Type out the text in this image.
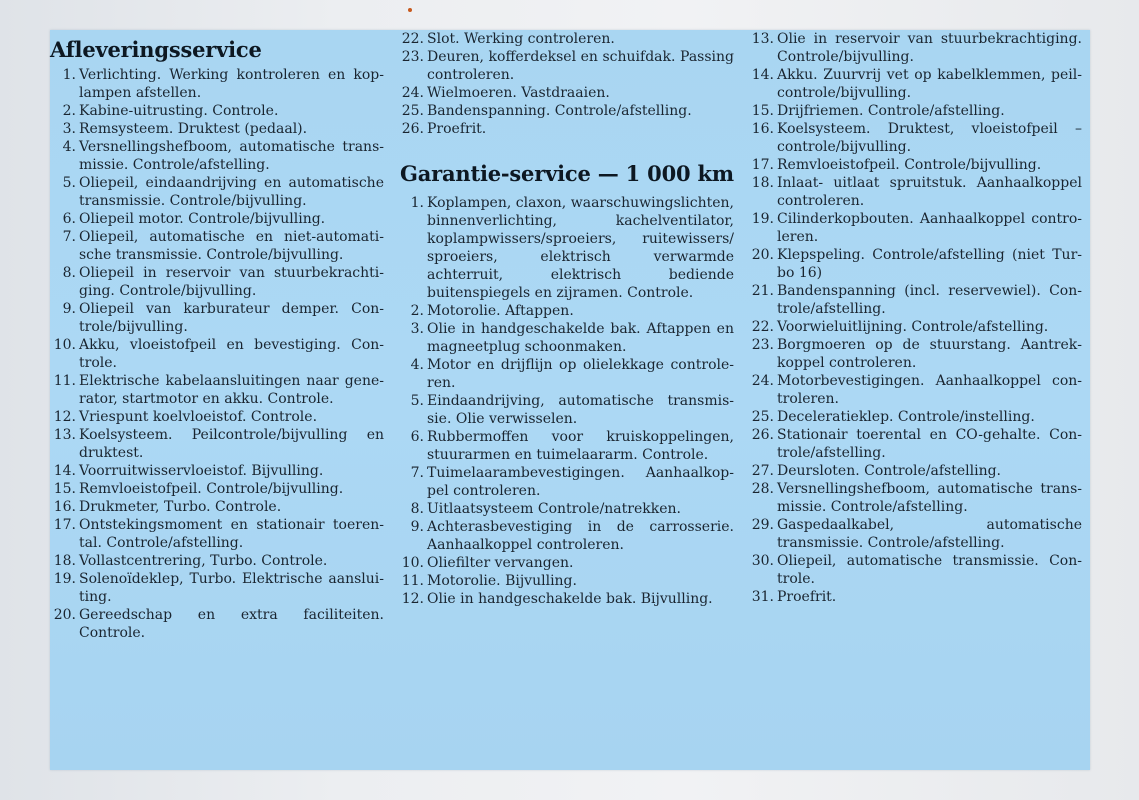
Afleveringsservice
1. Verlichting. Werking kontroleren en koplampen afstellen.
2. Kabine-uitrusting. Controle.
3. Remsysteem. Druktest (pedaal).
4. Versnellingshefboom, automatische transmissie. Controle/afstelling.
5. Oliepeil, eindaandrijving en automatische transmissie. Controle/bijvulling.
6. Oliepeil motor. Controle/bijvulling.
7. Oliepeil, automatische en niet-automatische transmissie. Controle/bijvulling.
8. Oliepeil in reservoir van stuurbekrachtiging. Controle/bijvulling.
9. Oliepeil van karburateur demper. Controle/bijvulling.
10. Akku, vloeistofpeil en bevestiging. Controle.
11. Elektrische kabelaansluitingen naar generator, startmotor en akku. Controle.
12. Vriespunt koelvloeistof. Controle.
13. Koelsysteem. Peilcontrole/bijvulling en druktest.
14. Voorruitwisservloeistof. Bijvulling.
15. Remvloeistofpeil. Controle/bijvulling.
16. Drukmeter, Turbo. Controle.
17. Ontstekingsmoment en stationair toerental. Controle/afstelling.
18. Vollastcentrering, Turbo. Controle.
19. Solenoïdeklep, Turbo. Elektrische aansluiting.
20. Gereedschap en extra faciliteiten. Controle.
22. Slot. Werking controleren.
23. Deuren, kofferdeksel en schuifdak. Passing controleren.
24. Wielmoeren. Vastdraaien.
25. Bandenspanning. Controle/afstelling.
26. Proefrit.
Garantie-service — 1 000 km
1. Koplampen, claxon, waarschuwingslichten, binnenverlichting, kachelventilator, koplampwissers/sproeiers, ruitewissers/ sproeiers, elektrisch verwarmde achterruit, elektrisch bediende buitenspiegels en zijramen. Controle.
2. Motorolie. Aftappen.
3. Olie in handgeschakelde bak. Aftappen en magneetplug schoonmaken.
4. Motor en drijflijn op olielekkage controleren.
5. Eindaandrijving, automatische transmissie. Olie verwisselen.
6. Rubbermoffen voor kruiskoppelingen, stuurarmen en tuimelaararm. Controle.
7. Tuimelaarambevestigingen. Aanhaalkoppel controleren.
8. Uitlaatsysteem Controle/natrekken.
9. Achterasbevestiging in de carrosserie. Aanhaalkoppel controleren.
10. Oliefilter vervangen.
11. Motorolie. Bijvulling.
12. Olie in handgeschakelde bak. Bijvulling.
13. Olie in reservoir van stuurbekrachtiging. Controle/bijvulling.
14. Akku. Zuurvrij vet op kabelklemmen, peilcontrole/bijvulling.
15. Drijfriemen. Controle/afstelling.
16. Koelsysteem. Druktest, vloeistofpeil – controle/bijvulling.
17. Remvloeistofpeil. Controle/bijvulling.
18. Inlaat- uitlaat spruitstuk. Aanhaalkoppel controleren.
19. Cilinderkopbouten. Aanhaalkoppel controleren.
20. Klepspeling. Controle/afstelling (niet Turbo 16)
21. Bandenspanning (incl. reservewiel). Controle/afstelling.
22. Voorwieluitlijning. Controle/afstelling.
23. Borgmoeren op de stuurstang. Aantrekkoppel controleren.
24. Motorbevestigingen. Aanhaalkoppel controleren.
25. Deceleratieklep. Controle/instelling.
26. Stationair toerental en CO-gehalte. Controle/afstelling.
27. Deursloten. Controle/afstelling.
28. Versnellingshefboom, automatische transmissie. Controle/afstelling.
29. Gaspedaalkabel, automatische transmissie. Controle/afstelling.
30. Oliepeil, automatische transmissie. Controle.
31. Proefrit.
